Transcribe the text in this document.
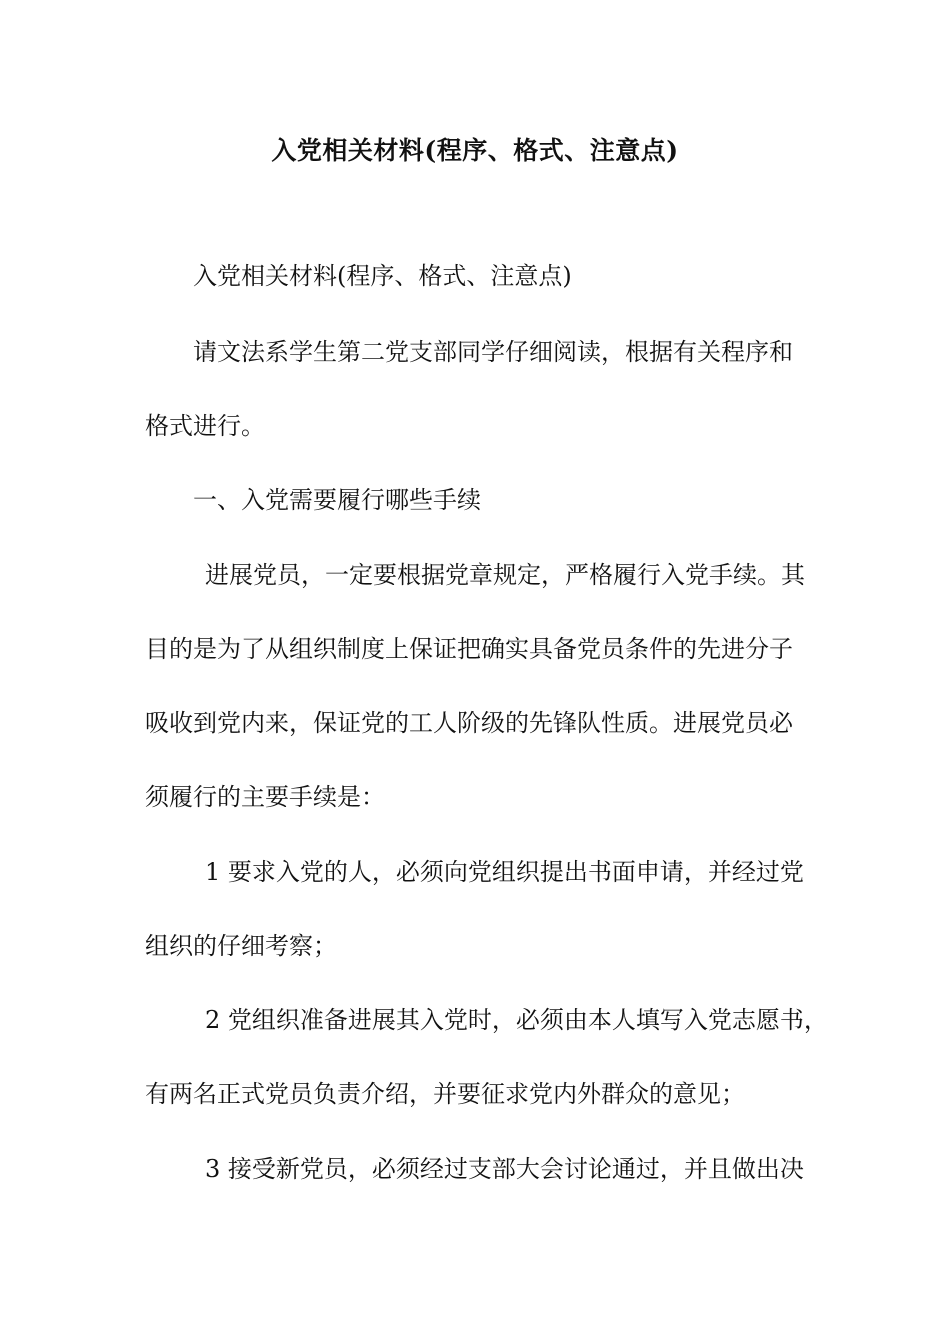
入党相关材料(程序、格式、注意点)
入党相关材料(程序、格式、注意点)
请文法系学生第二党支部同学仔细阅读，根据有关程序和
格式进行。
一、入党需要履行哪些手续
进展党员，一定要根据党章规定，严格履行入党手续。其
目的是为了从组织制度上保证把确实具备党员条件的先进分子
吸收到党内来，保证党的工人阶级的先锋队性质。进展党员必
须履行的主要手续是：
1 要求入党的人，必须向党组织提出书面申请，并经过党
组织的仔细考察；
2 党组织准备进展其入党时，必须由本人填写入党志愿书，
有两名正式党员负责介绍，并要征求党内外群众的意见；
3 接受新党员，必须经过支部大会讨论通过，并且做出决
